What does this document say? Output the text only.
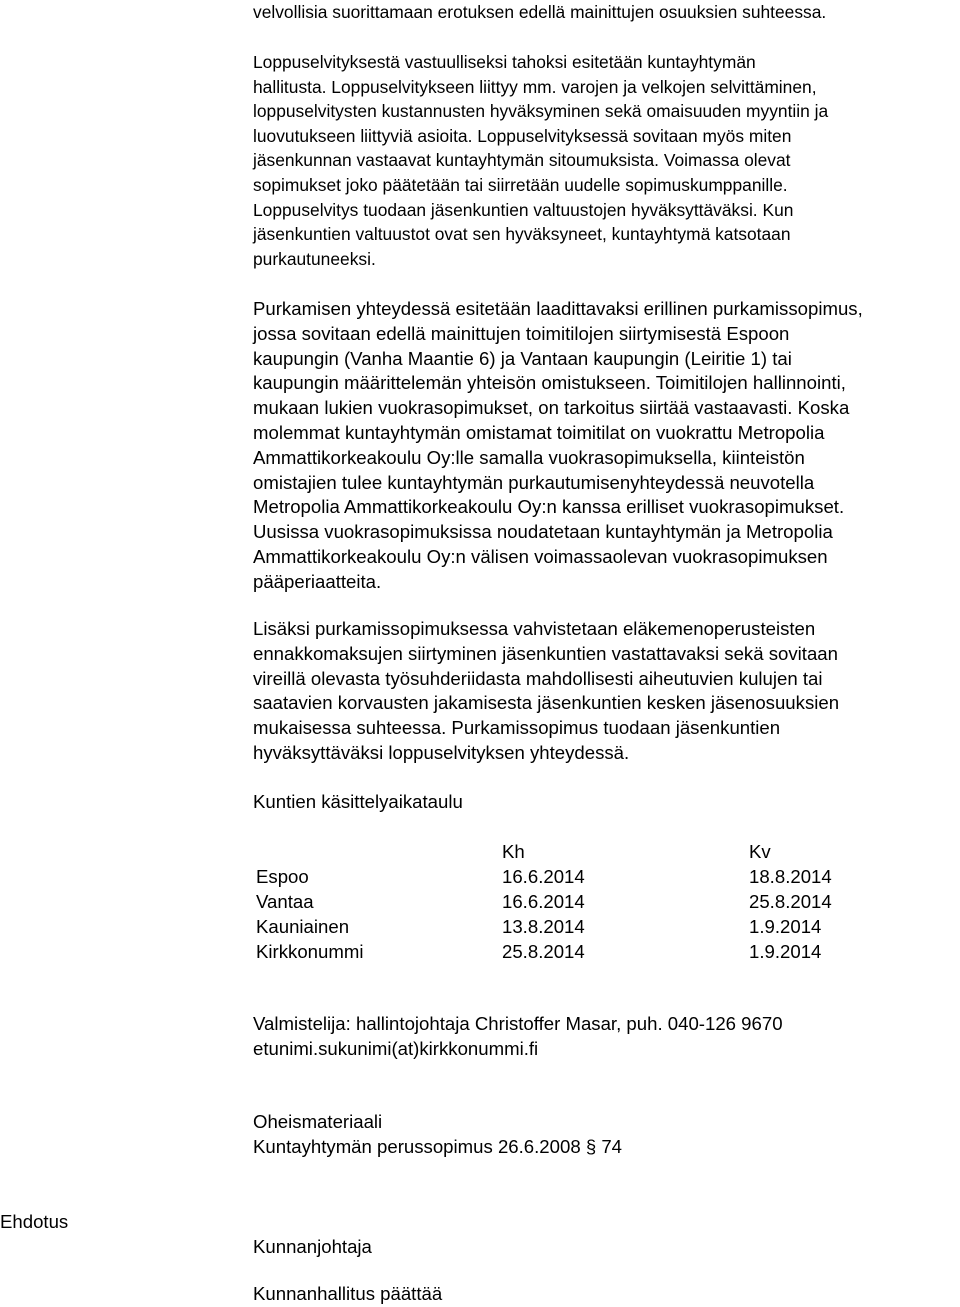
velvollisia suorittamaan erotuksen edellä mainittujen osuuksien suhteessa.
Loppuselvityksestä vastuulliseksi tahoksi esitetään kuntayhtymän
hallitusta. Loppuselvitykseen liittyy mm. varojen ja velkojen selvittäminen,
loppuselvitysten kustannusten hyväksyminen sekä omaisuuden myyntiin ja
luovutukseen liittyviä asioita. Loppuselvityksessä sovitaan myös miten
jäsenkunnan vastaavat kuntayhtymän sitoumuksista. Voimassa olevat
sopimukset joko päätetään tai siirretään uudelle sopimuskumppanille.
Loppuselvitys tuodaan jäsenkuntien valtuustojen hyväksyttäväksi. Kun
jäsenkuntien valtuustot ovat sen hyväksyneet, kuntayhtymä katsotaan
purkautuneeksi.
Purkamisen yhteydessä esitetään laadittavaksi erillinen purkamissopimus,
jossa sovitaan edellä mainittujen toimitilojen siirtymisestä Espoon
kaupungin (Vanha Maantie 6) ja Vantaan kaupungin (Leiritie 1) tai
kaupungin määrittelemän yhteisön omistukseen. Toimitilojen hallinnointi,
mukaan lukien vuokrasopimukset, on tarkoitus siirtää vastaavasti. Koska
molemmat kuntayhtymän omistamat toimitilat on vuokrattu Metropolia
Ammattikorkeakoulu Oy:lle samalla vuokrasopimuksella, kiinteistön
omistajien tulee kuntayhtymän purkautumisenyhteydessä neuvotella
Metropolia Ammattikorkeakoulu Oy:n kanssa erilliset vuokrasopimukset.
Uusissa vuokrasopimuksissa noudatetaan kuntayhtymän ja Metropolia
Ammattikorkeakoulu Oy:n välisen voimassaolevan vuokrasopimuksen
pääperiaatteita.
Lisäksi purkamissopimuksessa vahvistetaan eläkemenoperusteisten
ennakkomaksujen siirtyminen jäsenkuntien vastattavaksi sekä sovitaan
vireillä olevasta työsuhderiidasta mahdollisesti aiheutuvien kulujen tai
saatavien korvausten jakamisesta jäsenkuntien kesken jäsenosuuksien
mukaisessa suhteessa. Purkamissopimus tuodaan jäsenkuntien
hyväksyttäväksi loppuselvityksen yhteydessä.
Kuntien käsittelyaikataulu
	Kh	Kv
Espoo	16.6.2014	18.8.2014
Vantaa	16.6.2014	25.8.2014
Kauniainen	13.8.2014	1.9.2014
Kirkkonummi	25.8.2014	1.9.2014
Valmistelija: hallintojohtaja Christoffer Masar, puh. 040-126 9670
etunimi.sukunimi(at)kirkkonummi.fi
Oheismateriaali
Kuntayhtymän perussopimus 26.6.2008 § 74
Ehdotus
Kunnanjohtaja
Kunnanhallitus päättää
